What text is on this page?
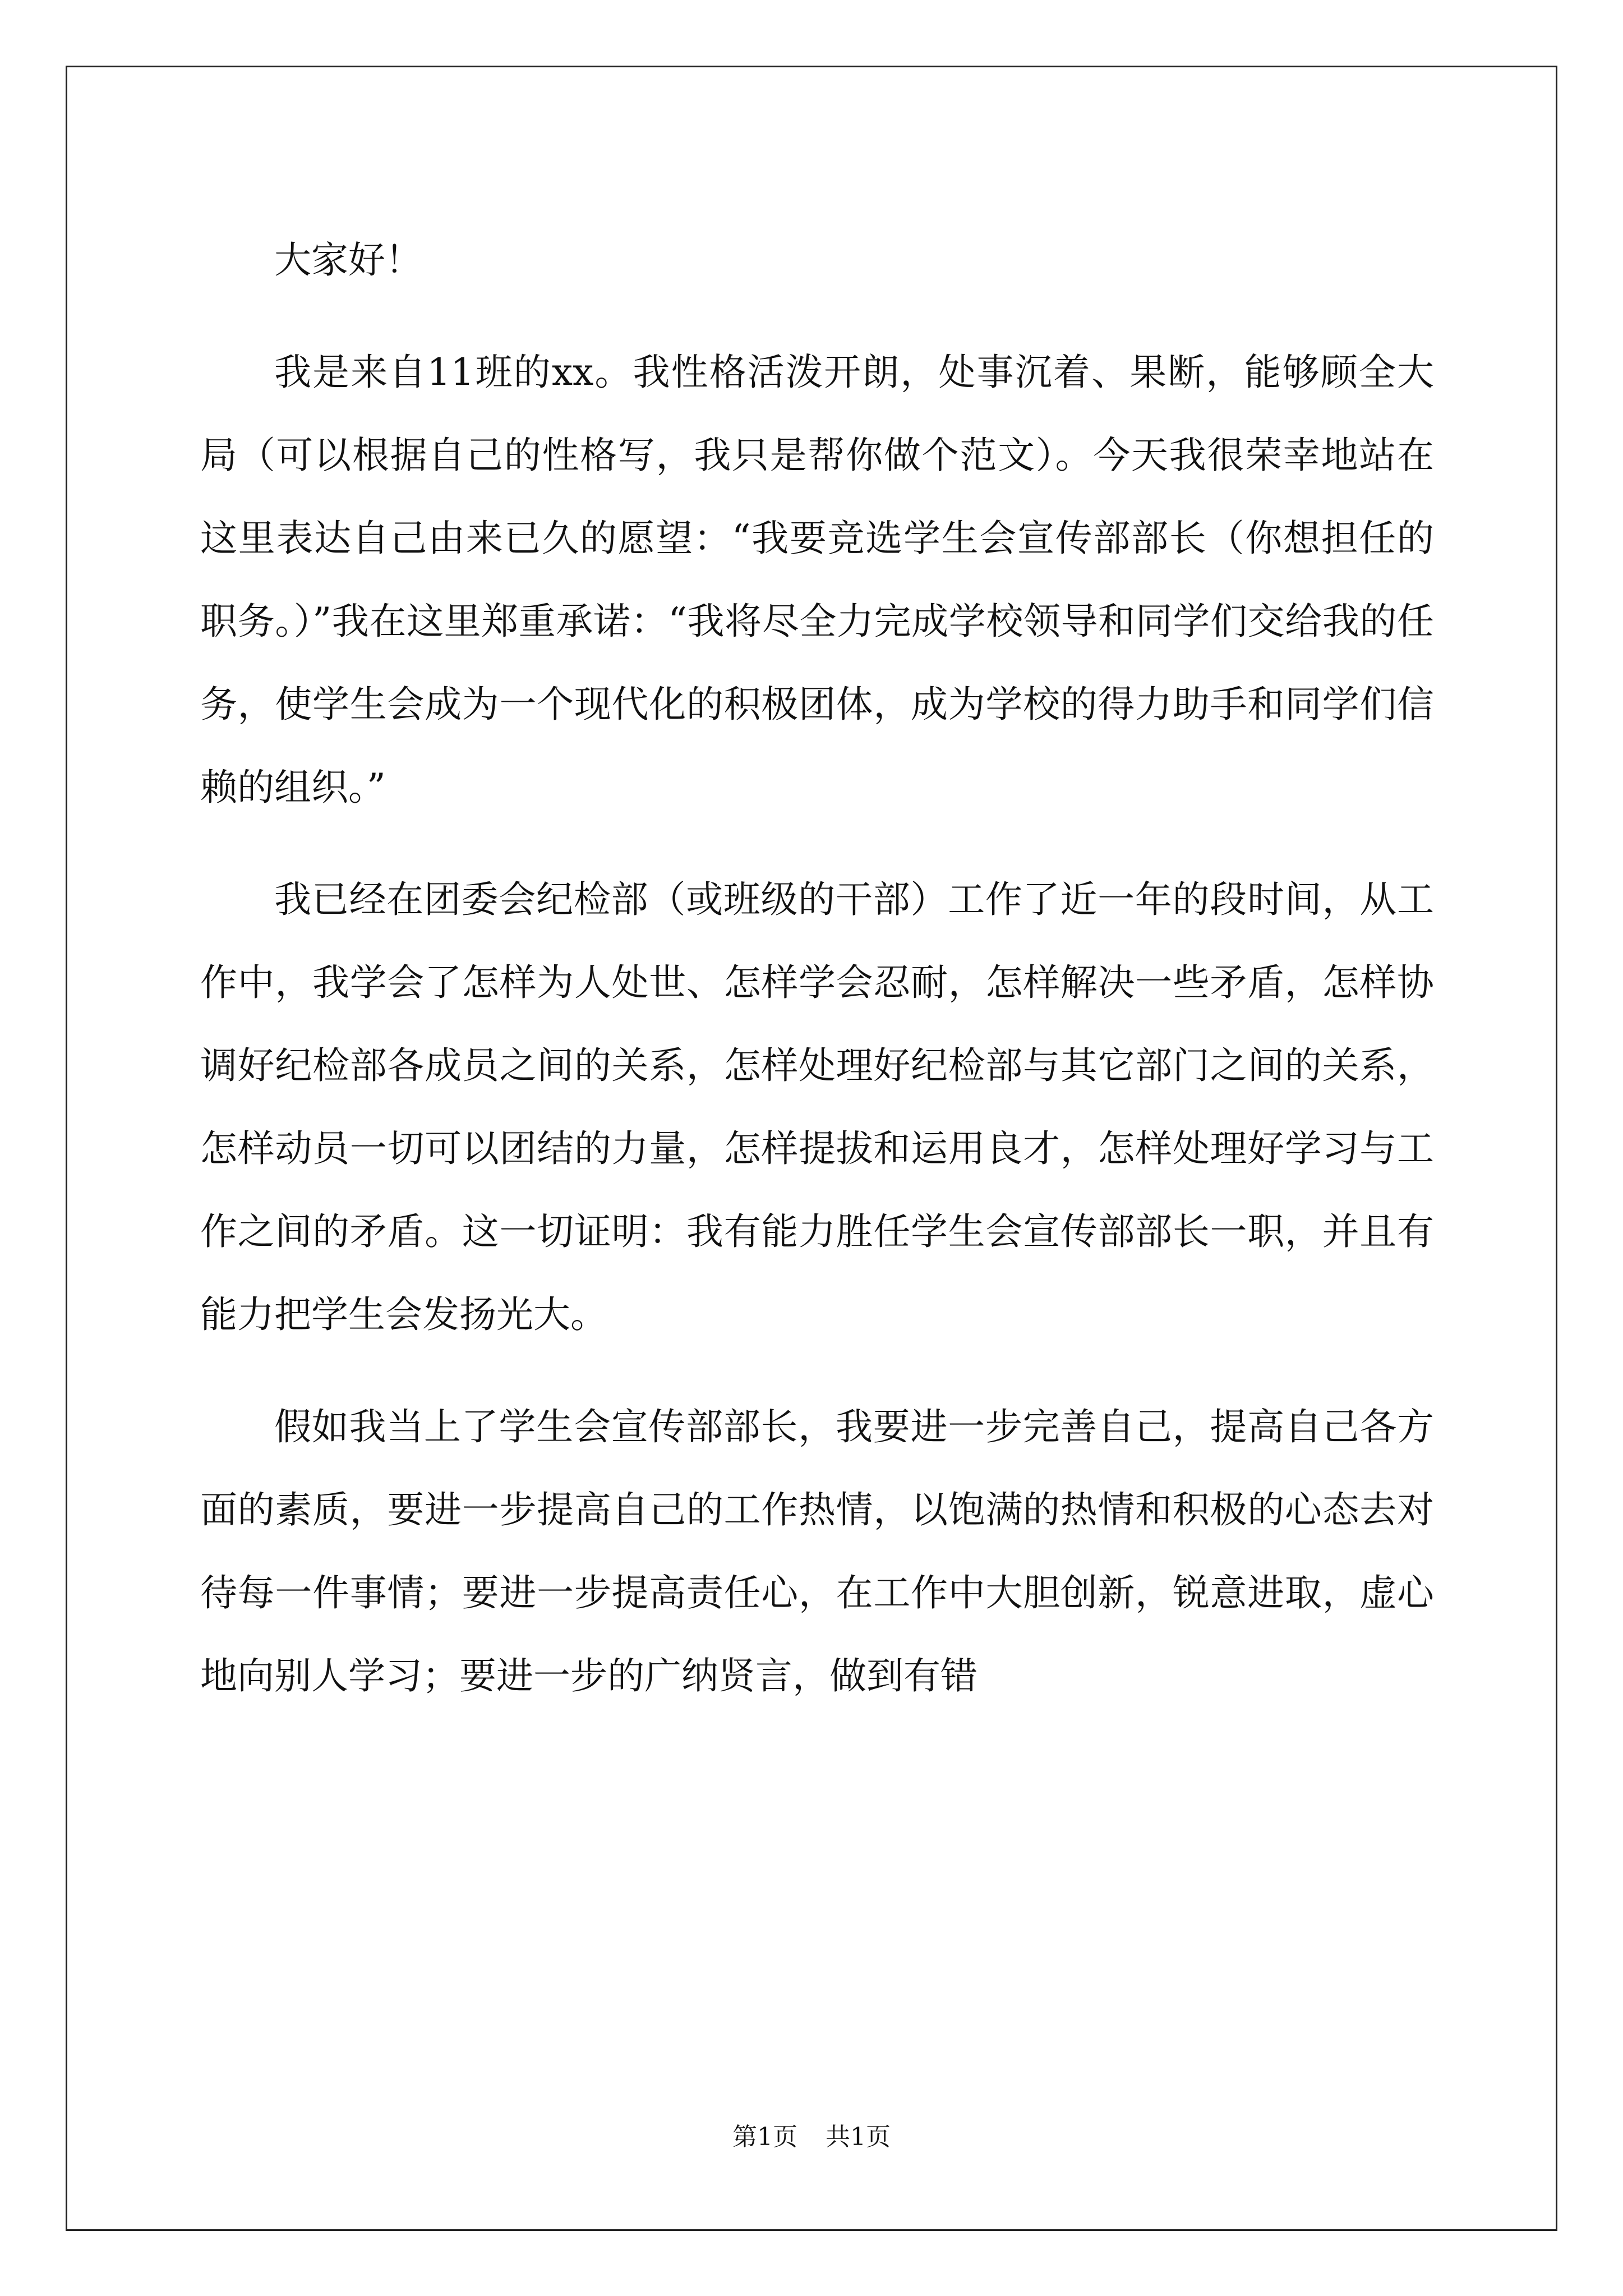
大家好！

我是来自11班的xx。我性格活泼开朗，处事沉着、果断，能够顾全大局（可以根据自己的性格写，我只是帮你做个范文）。今天我很荣幸地站在这里表达自己由来已久的愿望：“我要竞选学生会宣传部部长（你想担任的职务。）”我在这里郑重承诺：“我将尽全力完成学校领导和同学们交给我的任务，使学生会成为一个现代化的积极团体，成为学校的得力助手和同学们信赖的组织。”

我已经在团委会纪检部（或班级的干部）工作了近一年的段时间，从工作中，我学会了怎样为人处世、怎样学会忍耐，怎样解决一些矛盾，怎样协调好纪检部各成员之间的关系，怎样处理好纪检部与其它部门之间的关系，怎样动员一切可以团结的力量，怎样提拔和运用良才，怎样处理好学习与工作之间的矛盾。这一切证明：我有能力胜任学生会宣传部部长一职，并且有能力把学生会发扬光大。

假如我当上了学生会宣传部部长，我要进一步完善自己，提高自己各方面的素质，要进一步提高自己的工作热情，以饱满的热情和积极的心态去对待每一件事情；要进一步提高责任心，在工作中大胆创新，锐意进取，虚心地向别人学习；要进一步的广纳贤言，做到有错

第1页 共1页
